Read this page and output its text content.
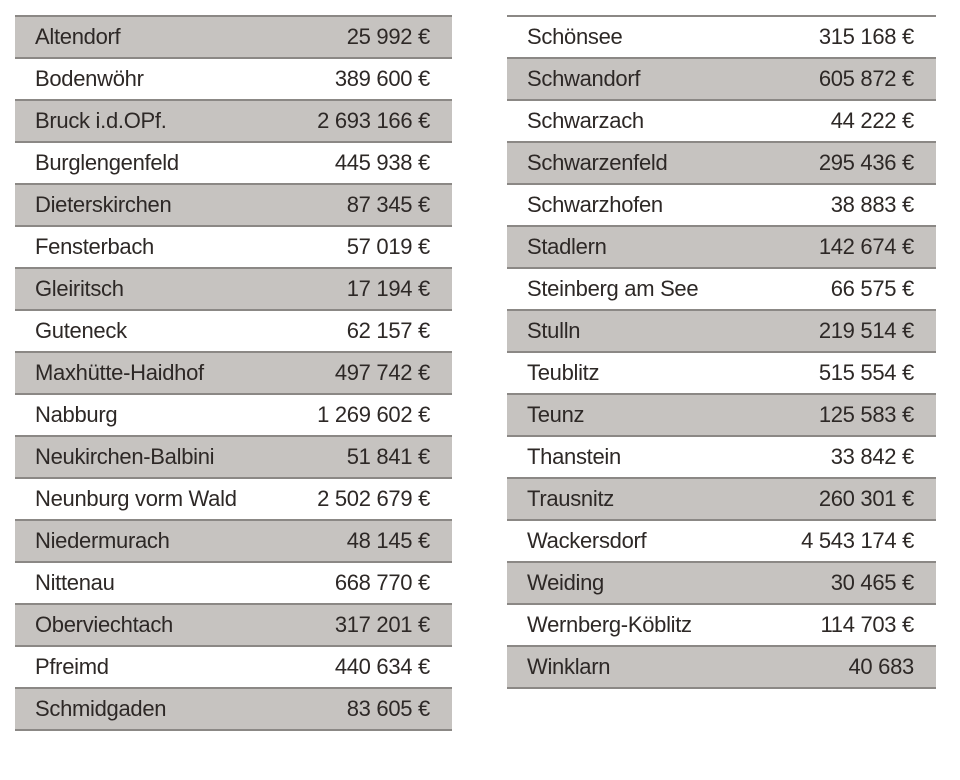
Altendorf	25 992 €
Bodenwöhr	389 600 €
Bruck i.d.OPf.	2 693 166 €
Burglengenfeld	445 938 €
Dieterskirchen	87 345 €
Fensterbach	57 019 €
Gleiritsch	17 194 €
Guteneck	62 157 €
Maxhütte-Haidhof	497 742 €
Nabburg	1 269 602 €
Neukirchen-Balbini	51 841 €
Neunburg vorm Wald	2 502 679 €
Niedermurach	48 145 €
Nittenau	668 770 €
Oberviechtach	317 201 €
Pfreimd	440 634 €
Schmidgaden	83 605 €
Schönsee	315 168 €
Schwandorf	605 872 €
Schwarzach	44 222 €
Schwarzenfeld	295 436 €
Schwarzhofen	38 883 €
Stadlern	142 674 €
Steinberg am See	66 575 €
Stulln	219 514 €
Teublitz	515 554 €
Teunz	125 583 €
Thanstein	33 842 €
Trausnitz	260 301 €
Wackersdorf	4 543 174 €
Weiding	30 465 €
Wernberg-Köblitz	114 703 €
Winklarn	40 683
